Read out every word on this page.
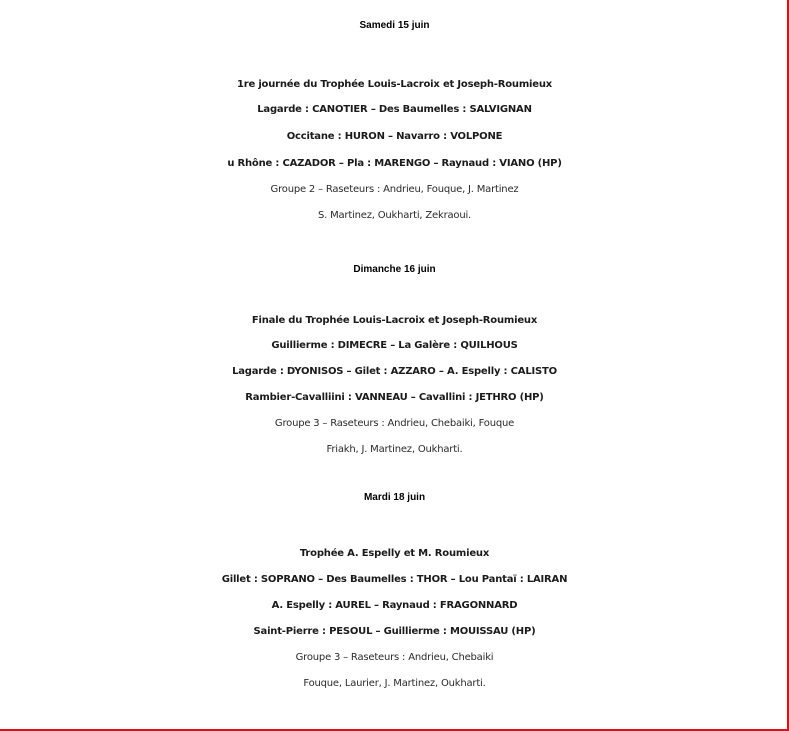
Samedi 15 juin
1re journée du Trophée Louis-Lacroix et Joseph-Roumieux
Lagarde : CANOTIER – Des Baumelles : SALVIGNAN
Occitane : HURON – Navarro : VOLPONE
u Rhône : CAZADOR – Pla : MARENGO – Raynaud : VIANO (HP)
Groupe 2 – Raseteurs : Andrieu, Fouque, J. Martinez
S. Martinez, Oukharti, Zekraoui.
Dimanche 16 juin
Finale du Trophée Louis-Lacroix et Joseph-Roumieux
Guillierme : DIMECRE – La Galère : QUILHOUS
Lagarde : DYONISOS – Gilet : AZZARO – A. Espelly : CALISTO
Rambier-Cavalliini : VANNEAU – Cavallini : JETHRO (HP)
Groupe 3 – Raseteurs : Andrieu, Chebaiki, Fouque
Friakh, J. Martinez, Oukharti.
Mardi 18 juin
Trophée A. Espelly et M. Roumieux
Gillet : SOPRANO – Des Baumelles : THOR – Lou Pantaï : LAIRAN
A. Espelly : AUREL – Raynaud : FRAGONNARD
Saint-Pierre : PESOUL – Guillierme : MOUISSAU (HP)
Groupe 3 – Raseteurs : Andrieu, Chebaiki
Fouque, Laurier, J. Martinez, Oukharti.
